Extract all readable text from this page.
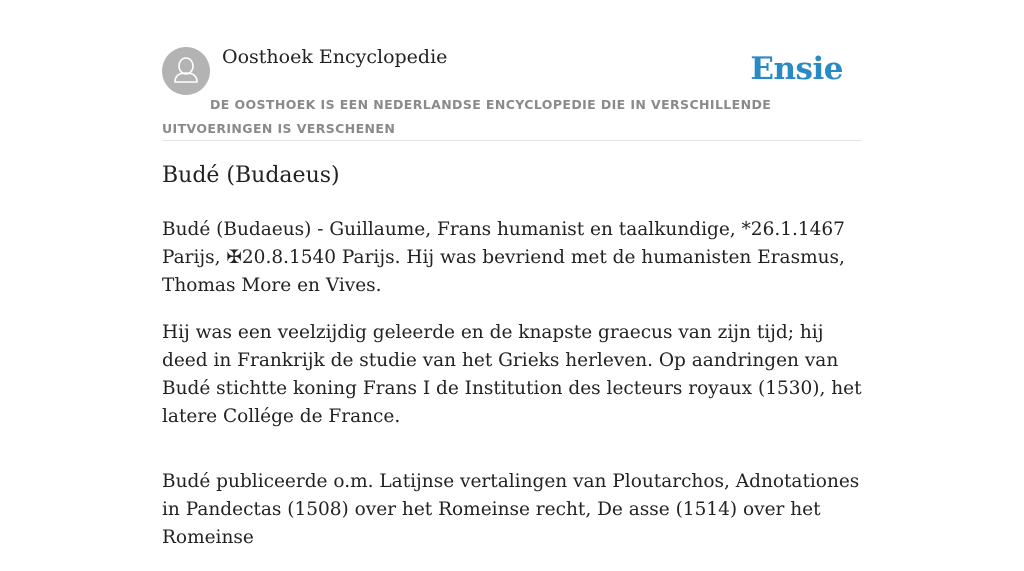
Oosthoek Encyclopedie	Ensie
DE OOSTHOEK IS EEN NEDERLANDSE ENCYCLOPEDIE DIE IN VERSCHILLENDE UITVOERINGEN IS VERSCHENEN
Budé (Budaeus)

Budé (Budaeus) - Guillaume, Frans humanist en taalkundige, *26.1.1467 Parijs, ✠20.8.1540 Parijs. Hij was bevriend met de humanisten Erasmus, Thomas More en Vives.

Hij was een veelzijdig geleerde en de knapste graecus van zijn tijd; hij deed in Frankrijk de studie van het Grieks herleven. Op aandringen van Budé stichtte koning Frans I de Institution des lecteurs royaux (1530), het latere Collége de France.

Budé publiceerde o.m. Latijnse vertalingen van Ploutarchos, Adnotationes in Pandectas (1508) over het Romeinse recht, De asse (1514) over het Romeinse
